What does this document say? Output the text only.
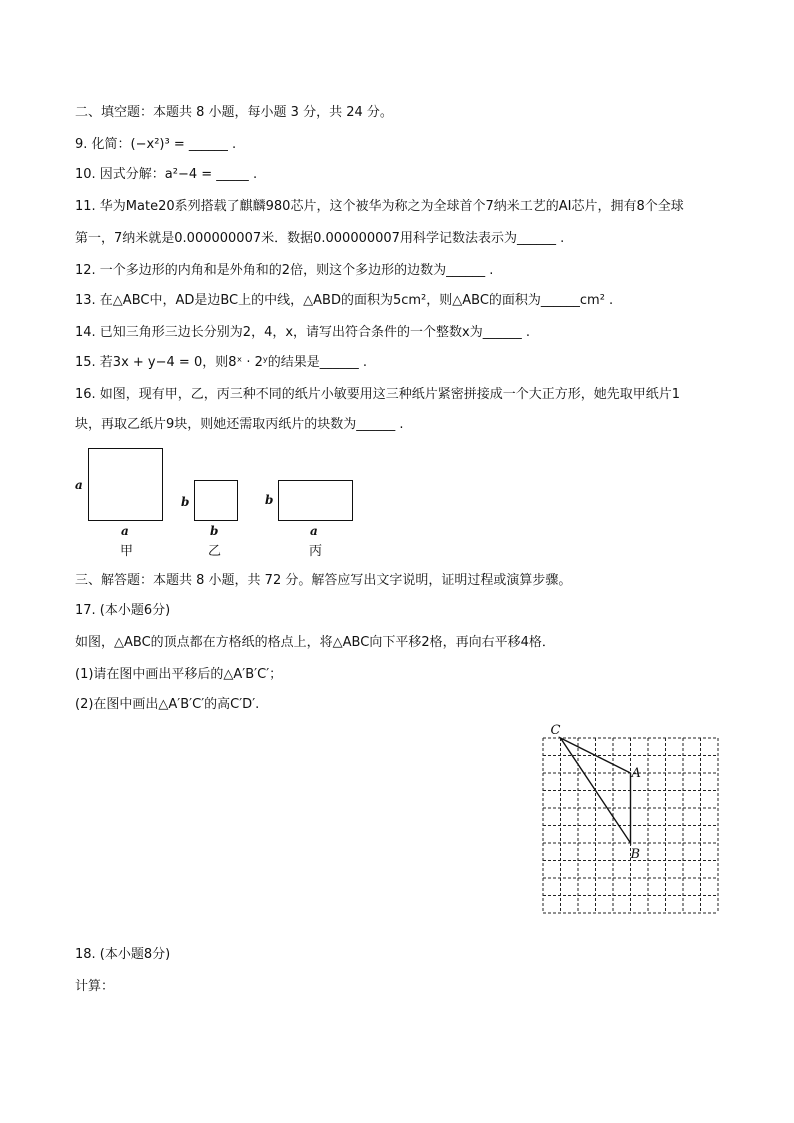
二、填空题：本题共 8 小题，每小题 3 分，共 24 分。
9. 化简：(−x²)³ = ______ .
10. 因式分解：a²−4 = _____ .
11. 华为Mate20系列搭载了麒麟980芯片，这个被华为称之为全球首个7纳米工艺的AI芯片，拥有8个全球
第一，7纳米就是0.000000007米．数据0.000000007用科学记数法表示为______ .
12. 一个多边形的内角和是外角和的2倍，则这个多边形的边数为______ .
13. 在△ABC中，AD是边BC上的中线，△ABD的面积为5cm²，则△ABC的面积为______cm² .
14. 已知三角形三边长分别为2，4，x，请写出符合条件的一个整数x为______ .
15. 若3x + y−4 = 0，则8ˣ · 2ʸ的结果是______ .
16. 如图，现有甲，乙，丙三种不同的纸片小敏要用这三种纸片紧密拼接成一个大正方形，她先取甲纸片1
块，再取乙纸片9块，则她还需取丙纸片的块数为______ .
a
a
甲
b
b
乙
b
a
丙
三、解答题：本题共 8 小题，共 72 分。解答应写出文字说明，证明过程或演算步骤。
17. (本小题6分)
如图，△ABC的顶点都在方格纸的格点上，将△ABC向下平移2格，再向右平移4格．
(1)请在图中画出平移后的△A′B′C′；
(2)在图中画出△A′B′C′的高C′D′.
C
A
B
18. (本小题8分)
计算：
